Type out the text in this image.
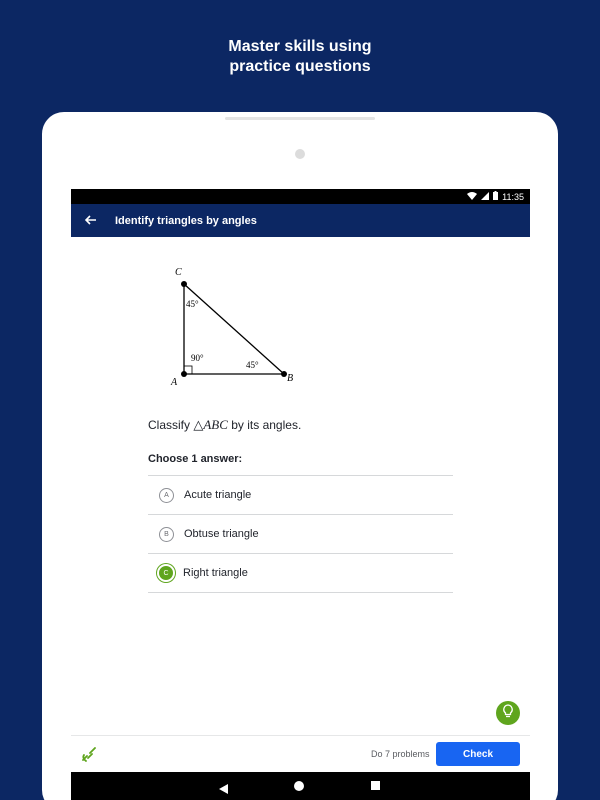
Master skills using
practice questions
11:35
Identify triangles by angles
C
A	B
45°
90°
45°
Classify △ABC by its angles.
Choose 1 answer:
A	Acute triangle
B	Obtuse triangle
C	Right triangle
Do 7 problems	Check
